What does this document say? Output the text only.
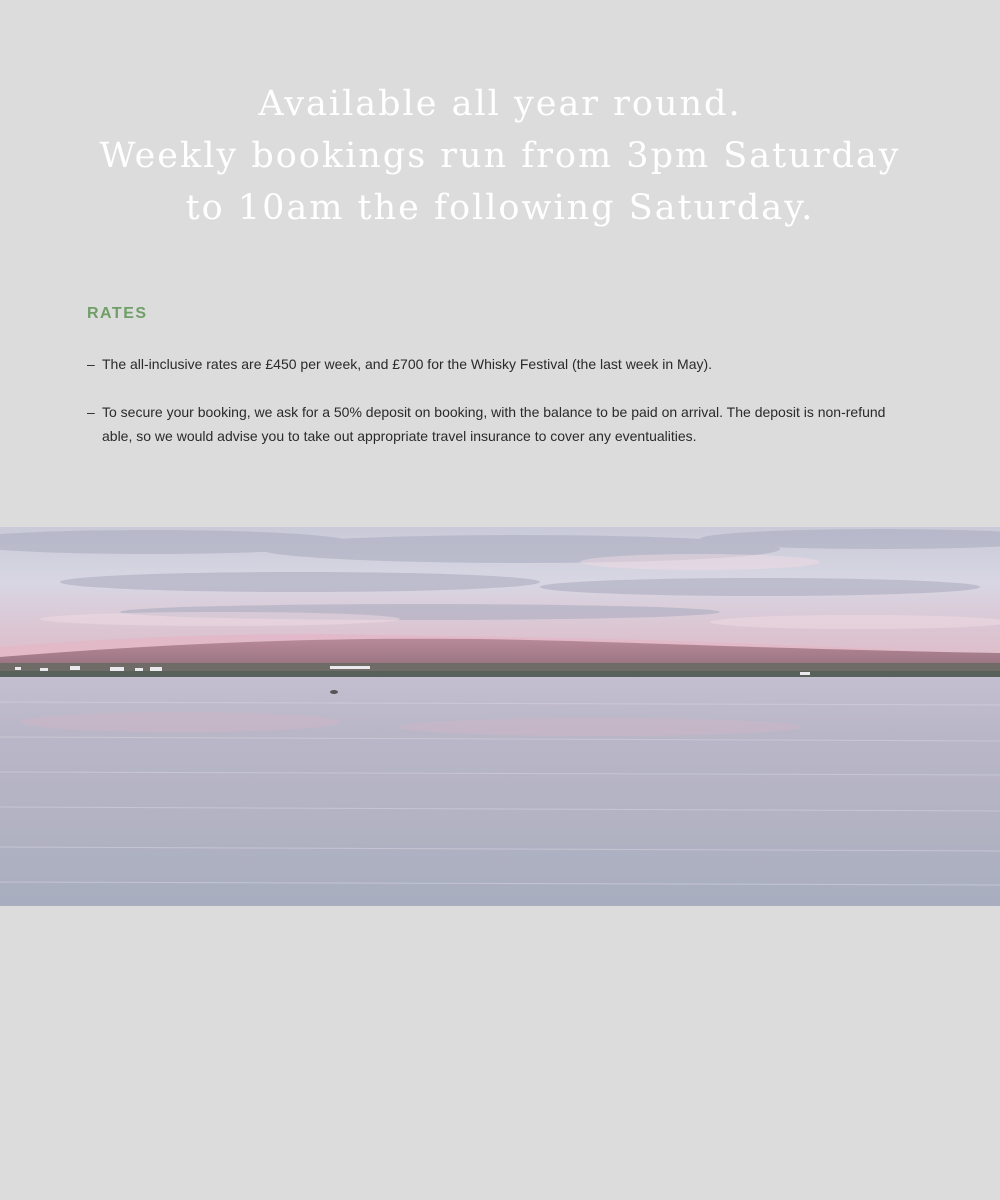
Available all year round.
Weekly bookings run from 3pm Saturday
to 10am the following Saturday.
RATES
– The all-inclusive rates are £450 per week, and £700 for the Whisky Festival (the last week in May).
– To secure your booking, we ask for a 50% deposit on booking, with the balance to be paid on arrival. The deposit is non-refund able, so we would advise you to take out appropriate travel insurance to cover any eventualities.
